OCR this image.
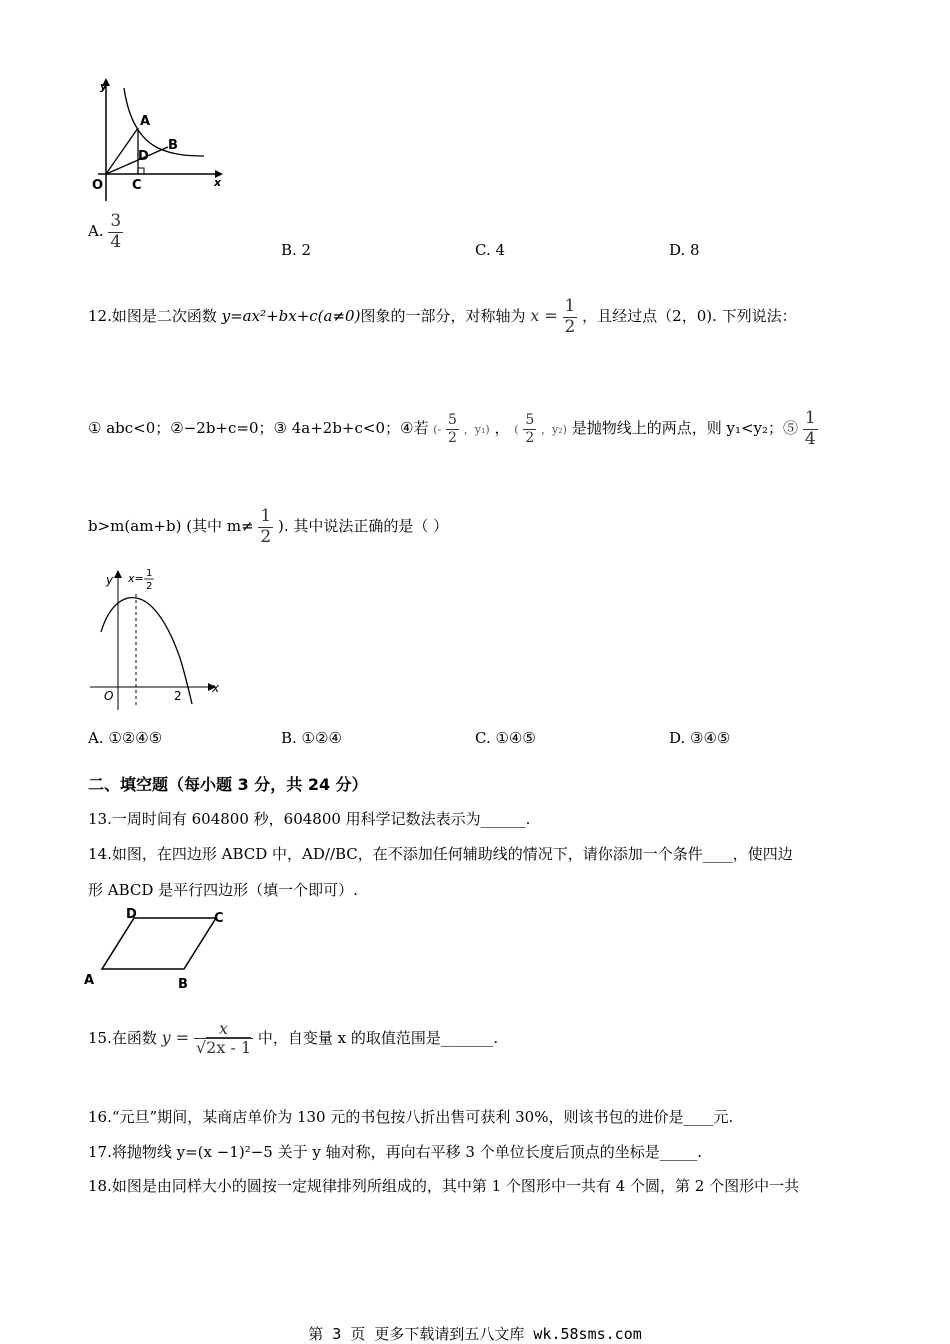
y
x
O
A
B
C
D
A. $\frac{3}{4}$	B. 2	C. 4	D. 8
12.如图是二次函数 y=ax²+bx+c(a≠0)图象的一部分，对称轴为 $x = \frac{1}{2}$ ，且经过点（2，0). 下列说法：
① abc<0；②−2b+c=0；③ 4a+2b+c<0；④若 (- $\frac{5}{2}$ ，y₁) ， ( $\frac{5}{2}$ ，y₂) 是抛物线上的两点，则 y₁<y₂；⑤ $\frac{1}{4}$
b>m(am+b) (其中 $m\ne \frac{1}{2}$ ). 其中说法正确的是（ ）
y
x
O	2
x= 1
2
A. ①②④⑤	B. ①②④	C. ①④⑤	D. ③④⑤
二、填空题（每小题 3 分，共 24 分）
13.一周时间有 604800 秒，604800 用科学记数法表示为______.
14.如图，在四边形 ABCD 中，AD//BC，在不添加任何辅助线的情况下，请你添加一个条件____，使四边
形 ABCD 是平行四边形（填一个即可）.
A	B
C
D
15.在函数 $y = \frac{x}{√2x - 1}$ 中，自变量 x 的取值范围是_______.
16.“元旦”期间，某商店单价为 130 元的书包按八折出售可获利 30%，则该书包的进价是____元.
17.将抛物线 y=(x −1)²−5 关于 y 轴对称，再向右平移 3 个单位长度后顶点的坐标是_____.
18.如图是由同样大小的圆按一定规律排列所组成的，其中第 1 个图形中一共有 4 个圆，第 2 个图形中一共
第 3 页 更多下载请到五八文库 wk.58sms.com
